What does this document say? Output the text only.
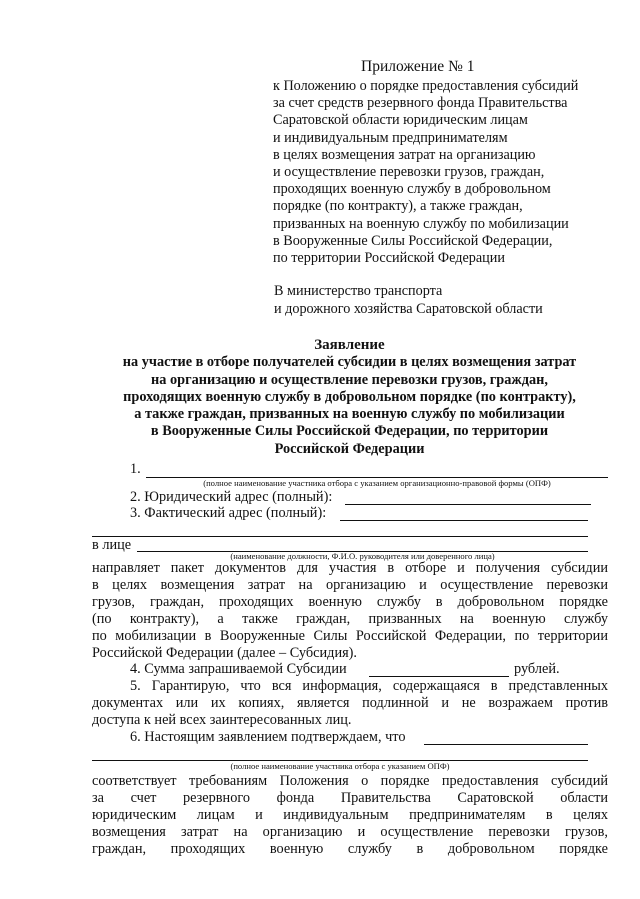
Приложение № 1
к Положению о порядке предоставления субсидий
за счет средств резервного фонда Правительства
Саратовской области юридическим лицам
и индивидуальным предпринимателям
в целях возмещения затрат на организацию
и осуществление перевозки грузов, граждан,
проходящих военную службу в добровольном
порядке (по контракту), а также граждан,
призванных на военную службу по мобилизации
в Вооруженные Силы Российской Федерации,
по территории Российской Федерации
В министерство транспорта
и дорожного хозяйства Саратовской области
Заявление
на участие в отборе получателей субсидии в целях возмещения затрат
на организацию и осуществление перевозки грузов, граждан,
проходящих военную службу в добровольном порядке (по контракту),
а также граждан, призванных на военную службу по мобилизации
в Вооруженные Силы Российской Федерации, по территории
Российской Федерации
1.
(полное наименование участника отбора с указанием организационно-правовой формы (ОПФ)
2. Юридический адрес (полный):
3. Фактический адрес (полный):
в лице
(наименование должности, Ф.И.О. руководителя или доверенного лица)
направляет пакет документов для участия в отборе и получения субсидии
в целях возмещения затрат на организацию и осуществление перевозки
грузов, граждан, проходящих военную службу в добровольном порядке
(по контракту), а также граждан, призванных на военную службу
по мобилизации в Вооруженные Силы Российской Федерации, по территории
Российской Федерации (далее – Субсидия).
4. Сумма запрашиваемой Субсидии	рублей.
5. Гарантирую, что вся информация, содержащаяся в представленных
документах или их копиях, является подлинной и не возражаем против
доступа к ней всех заинтересованных лиц.
6. Настоящим заявлением подтверждаем, что
(полное наименование участника отбора с указанием ОПФ)
соответствует требованиям Положения о порядке предоставления субсидий
за счет резервного фонда Правительства Саратовской области
юридическим лицам и индивидуальным предпринимателям в целях
возмещения затрат на организацию и осуществление перевозки грузов,
граждан, проходящих военную службу в добровольном порядке
